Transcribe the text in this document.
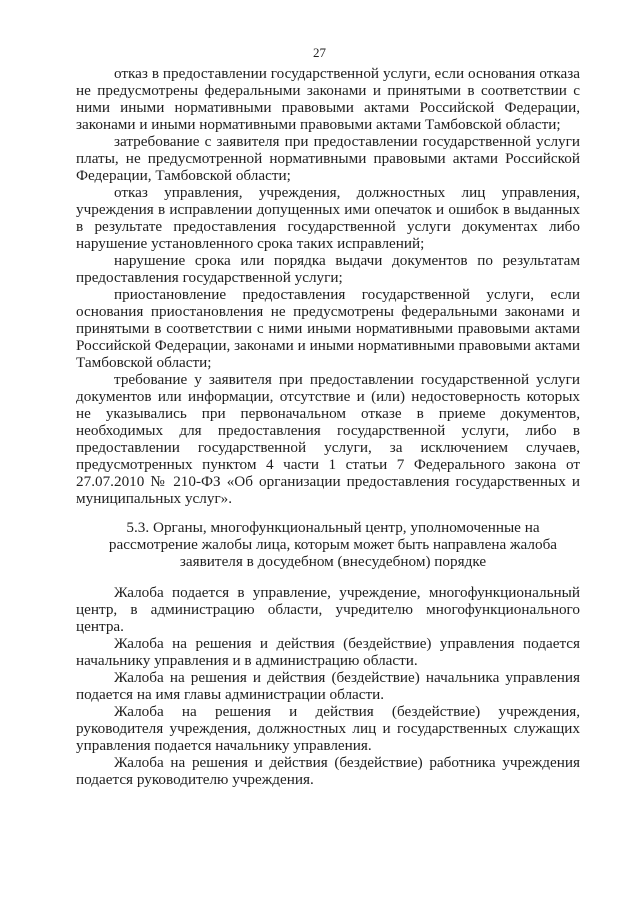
27

отказ в предоставлении государственной услуги, если основания отказа не предусмотрены федеральными законами и принятыми в соответствии с ними иными нормативными правовыми актами Российской Федерации, законами и иными нормативными правовыми актами Тамбовской области;

затребование с заявителя при предоставлении государственной услуги платы, не предусмотренной нормативными правовыми актами Российской Федерации, Тамбовской области;

отказ управления, учреждения, должностных лиц управления, учреждения в исправлении допущенных ими опечаток и ошибок в выданных в результате предоставления государственной услуги документах либо нарушение установленного срока таких исправлений;

нарушение срока или порядка выдачи документов по результатам предоставления государственной услуги;

приостановление предоставления государственной услуги, если основания приостановления не предусмотрены федеральными законами и принятыми в соответствии с ними иными нормативными правовыми актами Российской Федерации, законами и иными нормативными правовыми актами Тамбовской области;

требование у заявителя при предоставлении государственной услуги документов или информации, отсутствие и (или) недостоверность которых не указывались при первоначальном отказе в приеме документов, необходимых для предоставления государственной услуги, либо в предоставлении государственной услуги, за исключением случаев, предусмотренных пунктом 4 части 1 статьи 7 Федерального закона от 27.07.2010 № 210-ФЗ «Об организации предоставления государственных и муниципальных услуг».

5.3. Органы, многофункциональный центр, уполномоченные на рассмотрение жалобы лица, которым может быть направлена жалоба заявителя в досудебном (внесудебном) порядке

Жалоба подается в управление, учреждение, многофункциональный центр, в администрацию области, учредителю многофункционального центра.

Жалоба на решения и действия (бездействие) управления подается начальнику управления и в администрацию области.

Жалоба на решения и действия (бездействие) начальника управления подается на имя главы администрации области.

Жалоба на решения и действия (бездействие) учреждения, руководителя учреждения, должностных лиц и государственных служащих управления подается начальнику управления.

Жалоба на решения и действия (бездействие) работника учреждения подается руководителю учреждения.
